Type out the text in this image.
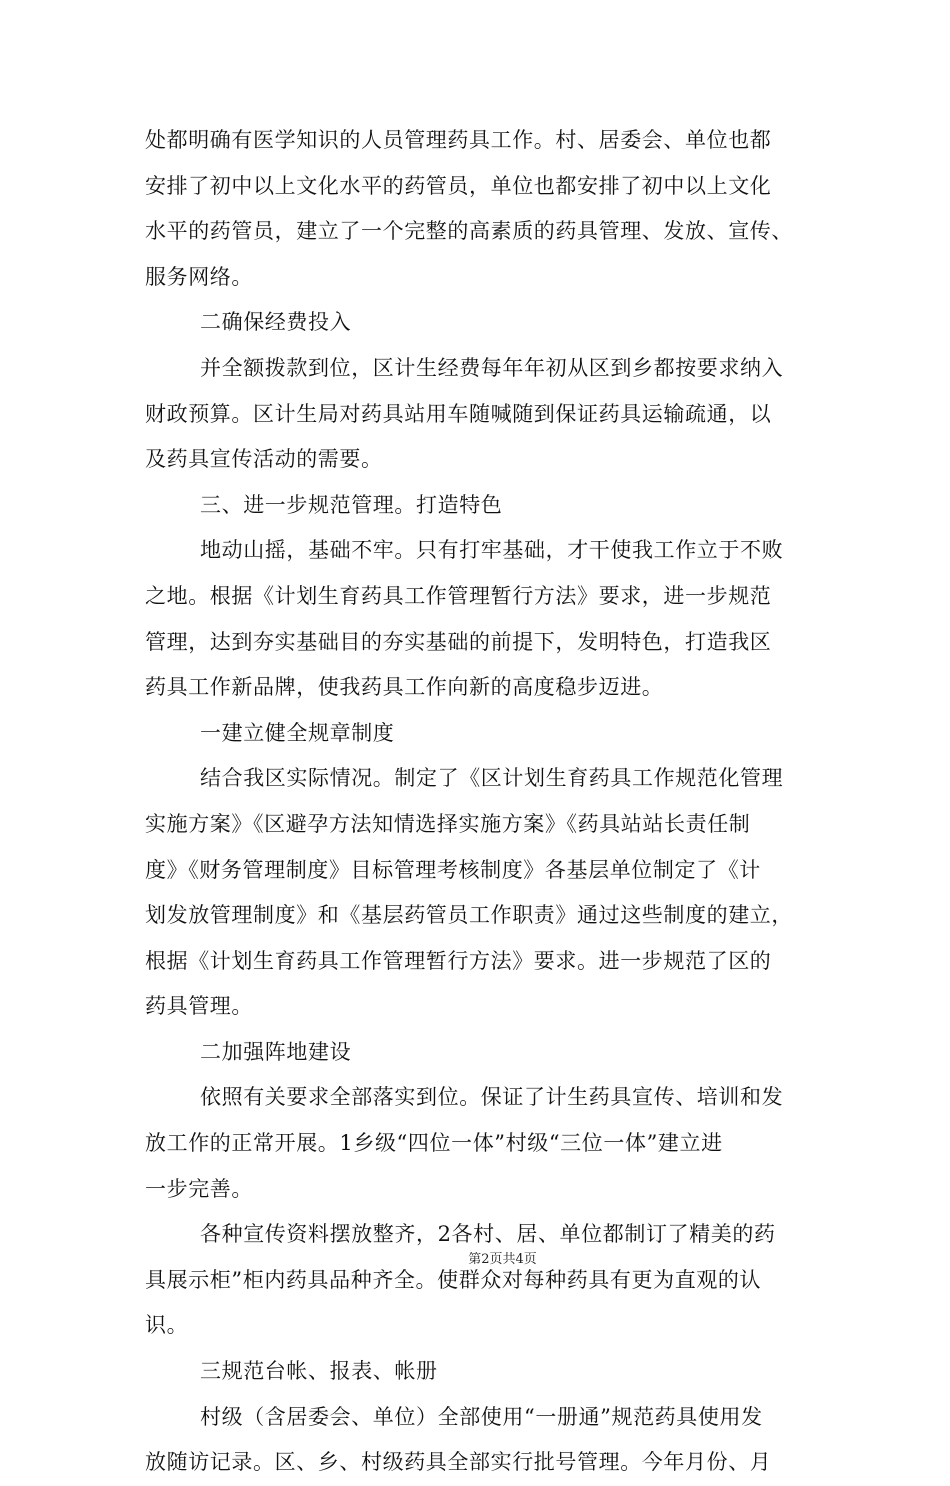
处都明确有医学知识的人员管理药具工作。村、居委会、单位也都
安排了初中以上文化水平的药管员，单位也都安排了初中以上文化
水平的药管员，建立了一个完整的高素质的药具管理、发放、宣传、
服务网络。
二确保经费投入
并全额拨款到位，区计生经费每年年初从区到乡都按要求纳入
财政预算。区计生局对药具站用车随喊随到保证药具运输疏通，以
及药具宣传活动的需要。
三、进一步规范管理。打造特色
地动山摇，基础不牢。只有打牢基础，才干使我工作立于不败
之地。根据《计划生育药具工作管理暂行方法》要求，进一步规范
管理，达到夯实基础目的夯实基础的前提下，发明特色，打造我区
药具工作新品牌，使我药具工作向新的高度稳步迈进。
一建立健全规章制度
结合我区实际情况。制定了《区计划生育药具工作规范化管理
实施方案》《区避孕方法知情选择实施方案》《药具站站长责任制
度》《财务管理制度》目标管理考核制度》各基层单位制定了《计
划发放管理制度》和《基层药管员工作职责》通过这些制度的建立，
根据《计划生育药具工作管理暂行方法》要求。进一步规范了区的
药具管理。
二加强阵地建设
依照有关要求全部落实到位。保证了计生药具宣传、培训和发
放工作的正常开展。1乡级“四位一体”村级“三位一体”建立进
一步完善。
各种宣传资料摆放整齐，2各村、居、单位都制订了精美的药
具展示柜”柜内药具品种齐全。使群众对每种药具有更为直观的认
识。
三规范台帐、报表、帐册
村级（含居委会、单位）全部使用“一册通”规范药具使用发
放随访记录。区、乡、村级药具全部实行批号管理。今年月份、月
第2页共4页
